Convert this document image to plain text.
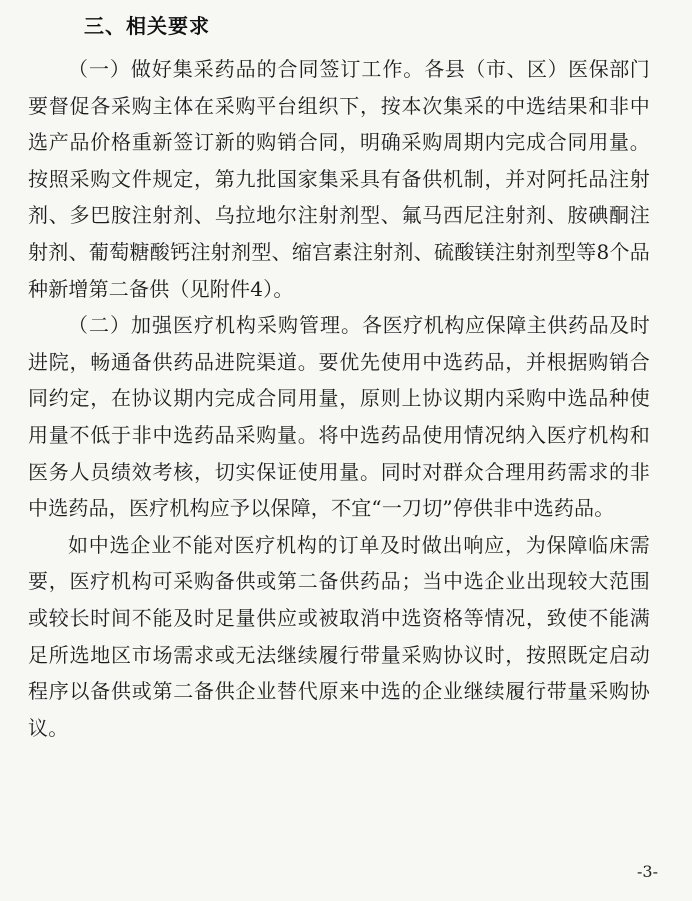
三、相关要求

（一）做好集采药品的合同签订工作。各县（市、区）医保部门要督促各采购主体在采购平台组织下，按本次集采的中选结果和非中选产品价格重新签订新的购销合同，明确采购周期内完成合同用量。按照采购文件规定，第九批国家集采具有备供机制，并对阿托品注射剂、多巴胺注射剂、乌拉地尔注射剂型、氟马西尼注射剂、胺碘酮注射剂、葡萄糖酸钙注射剂型、缩宫素注射剂、硫酸镁注射剂型等8个品种新增第二备供（见附件4）。

（二）加强医疗机构采购管理。各医疗机构应保障主供药品及时进院，畅通备供药品进院渠道。要优先使用中选药品，并根据购销合同约定，在协议期内完成合同用量，原则上协议期内采购中选品种使用量不低于非中选药品采购量。将中选药品使用情况纳入医疗机构和医务人员绩效考核，切实保证使用量。同时对群众合理用药需求的非中选药品，医疗机构应予以保障，不宜“一刀切”停供非中选药品。

如中选企业不能对医疗机构的订单及时做出响应，为保障临床需要，医疗机构可采购备供或第二备供药品；当中选企业出现较大范围或较长时间不能及时足量供应或被取消中选资格等情况，致使不能满足所选地区市场需求或无法继续履行带量采购协议时，按照既定启动程序以备供或第二备供企业替代原来中选的企业继续履行带量采购协议。

-3-
